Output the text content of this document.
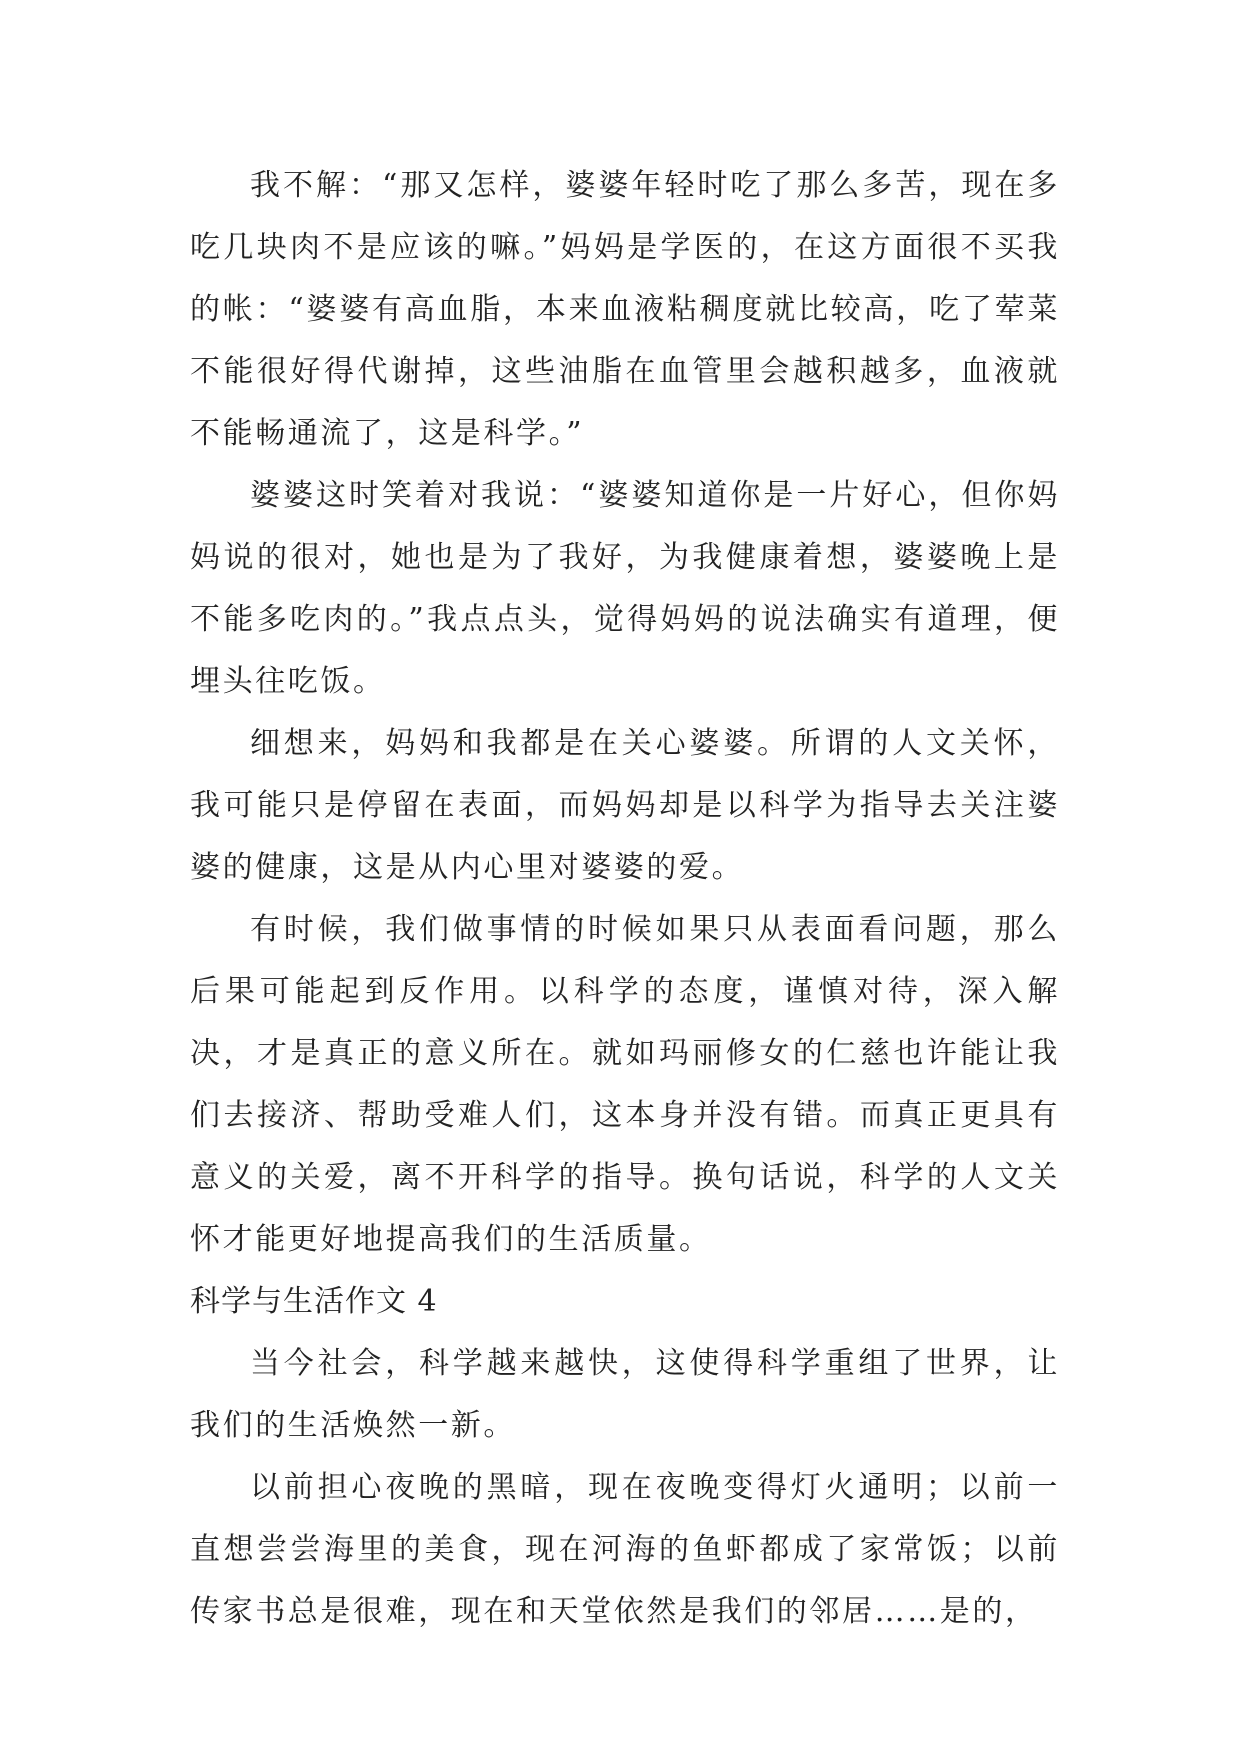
我不解：“那又怎样，婆婆年轻时吃了那么多苦，现在多吃几块肉不是应该的嘛。”妈妈是学医的，在这方面很不买我的帐：“婆婆有高血脂，本来血液粘稠度就比较高，吃了荤菜不能很好得代谢掉，这些油脂在血管里会越积越多，血液就不能畅通流了，这是科学。”

婆婆这时笑着对我说：“婆婆知道你是一片好心，但你妈妈说的很对，她也是为了我好，为我健康着想，婆婆晚上是不能多吃肉的。”我点点头，觉得妈妈的说法确实有道理，便埋头往吃饭。

细想来，妈妈和我都是在关心婆婆。所谓的人文关怀，我可能只是停留在表面，而妈妈却是以科学为指导去关注婆婆的健康，这是从内心里对婆婆的爱。

有时候，我们做事情的时候如果只从表面看问题，那么后果可能起到反作用。以科学的态度，谨慎对待，深入解决，才是真正的意义所在。就如玛丽修女的仁慈也许能让我们去接济、帮助受难人们，这本身并没有错。而真正更具有意义的关爱，离不开科学的指导。换句话说，科学的人文关怀才能更好地提高我们的生活质量。

科学与生活作文 4

当今社会，科学越来越快，这使得科学重组了世界，让我们的生活焕然一新。

以前担心夜晚的黑暗，现在夜晚变得灯火通明；以前一直想尝尝海里的美食，现在河海的鱼虾都成了家常饭；以前传家书总是很难，现在和天堂依然是我们的邻居……是的，
